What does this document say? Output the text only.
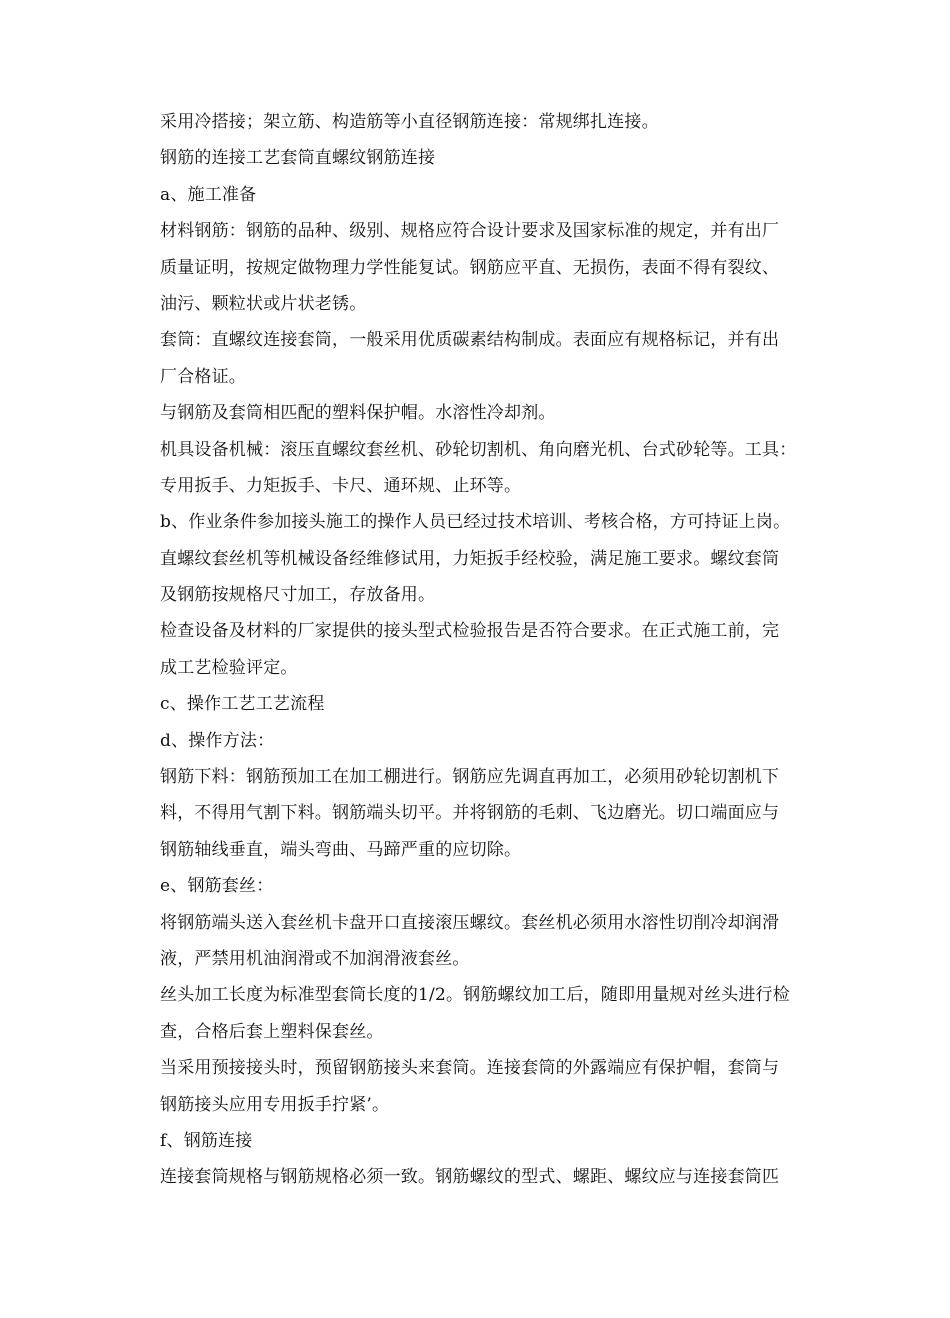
采用冷搭接；架立筋、构造筋等小直径钢筋连接：常规绑扎连接。
钢筋的连接工艺套筒直螺纹钢筋连接
a、施工准备
材料钢筋：钢筋的品种、级别、规格应符合设计要求及国家标准的规定，并有出厂
质量证明，按规定做物理力学性能复试。钢筋应平直、无损伤，表面不得有裂纹、
油污、颗粒状或片状老锈。
套筒：直螺纹连接套筒，一般采用优质碳素结构制成。表面应有规格标记，并有出
厂合格证。
与钢筋及套筒相匹配的塑料保护帽。水溶性冷却剂。
机具设备机械：滚压直螺纹套丝机、砂轮切割机、角向磨光机、台式砂轮等。工具：
专用扳手、力矩扳手、卡尺、通环规、止环等。
b、作业条件参加接头施工的操作人员已经过技术培训、考核合格，方可持证上岗。
直螺纹套丝机等机械设备经维修试用，力矩扳手经校验，满足施工要求。螺纹套筒
及钢筋按规格尺寸加工，存放备用。
检查设备及材料的厂家提供的接头型式检验报告是否符合要求。在正式施工前，完
成工艺检验评定。
c、操作工艺工艺流程
d、操作方法：
钢筋下料：钢筋预加工在加工棚进行。钢筋应先调直再加工，必须用砂轮切割机下
料，不得用气割下料。钢筋端头切平。并将钢筋的毛刺、飞边磨光。切口端面应与
钢筋轴线垂直，端头弯曲、马蹄严重的应切除。
e、钢筋套丝：
将钢筋端头送入套丝机卡盘开口直接滚压螺纹。套丝机必须用水溶性切削冷却润滑
液，严禁用机油润滑或不加润滑液套丝。
丝头加工长度为标准型套筒长度的1/2。钢筋螺纹加工后，随即用量规对丝头进行检
查，合格后套上塑料保套丝。
当采用预接接头时，预留钢筋接头来套筒。连接套筒的外露端应有保护帽，套筒与
钢筋接头应用专用扳手拧紧’。
f、钢筋连接
连接套筒规格与钢筋规格必须一致。钢筋螺纹的型式、螺距、螺纹应与连接套筒匹
